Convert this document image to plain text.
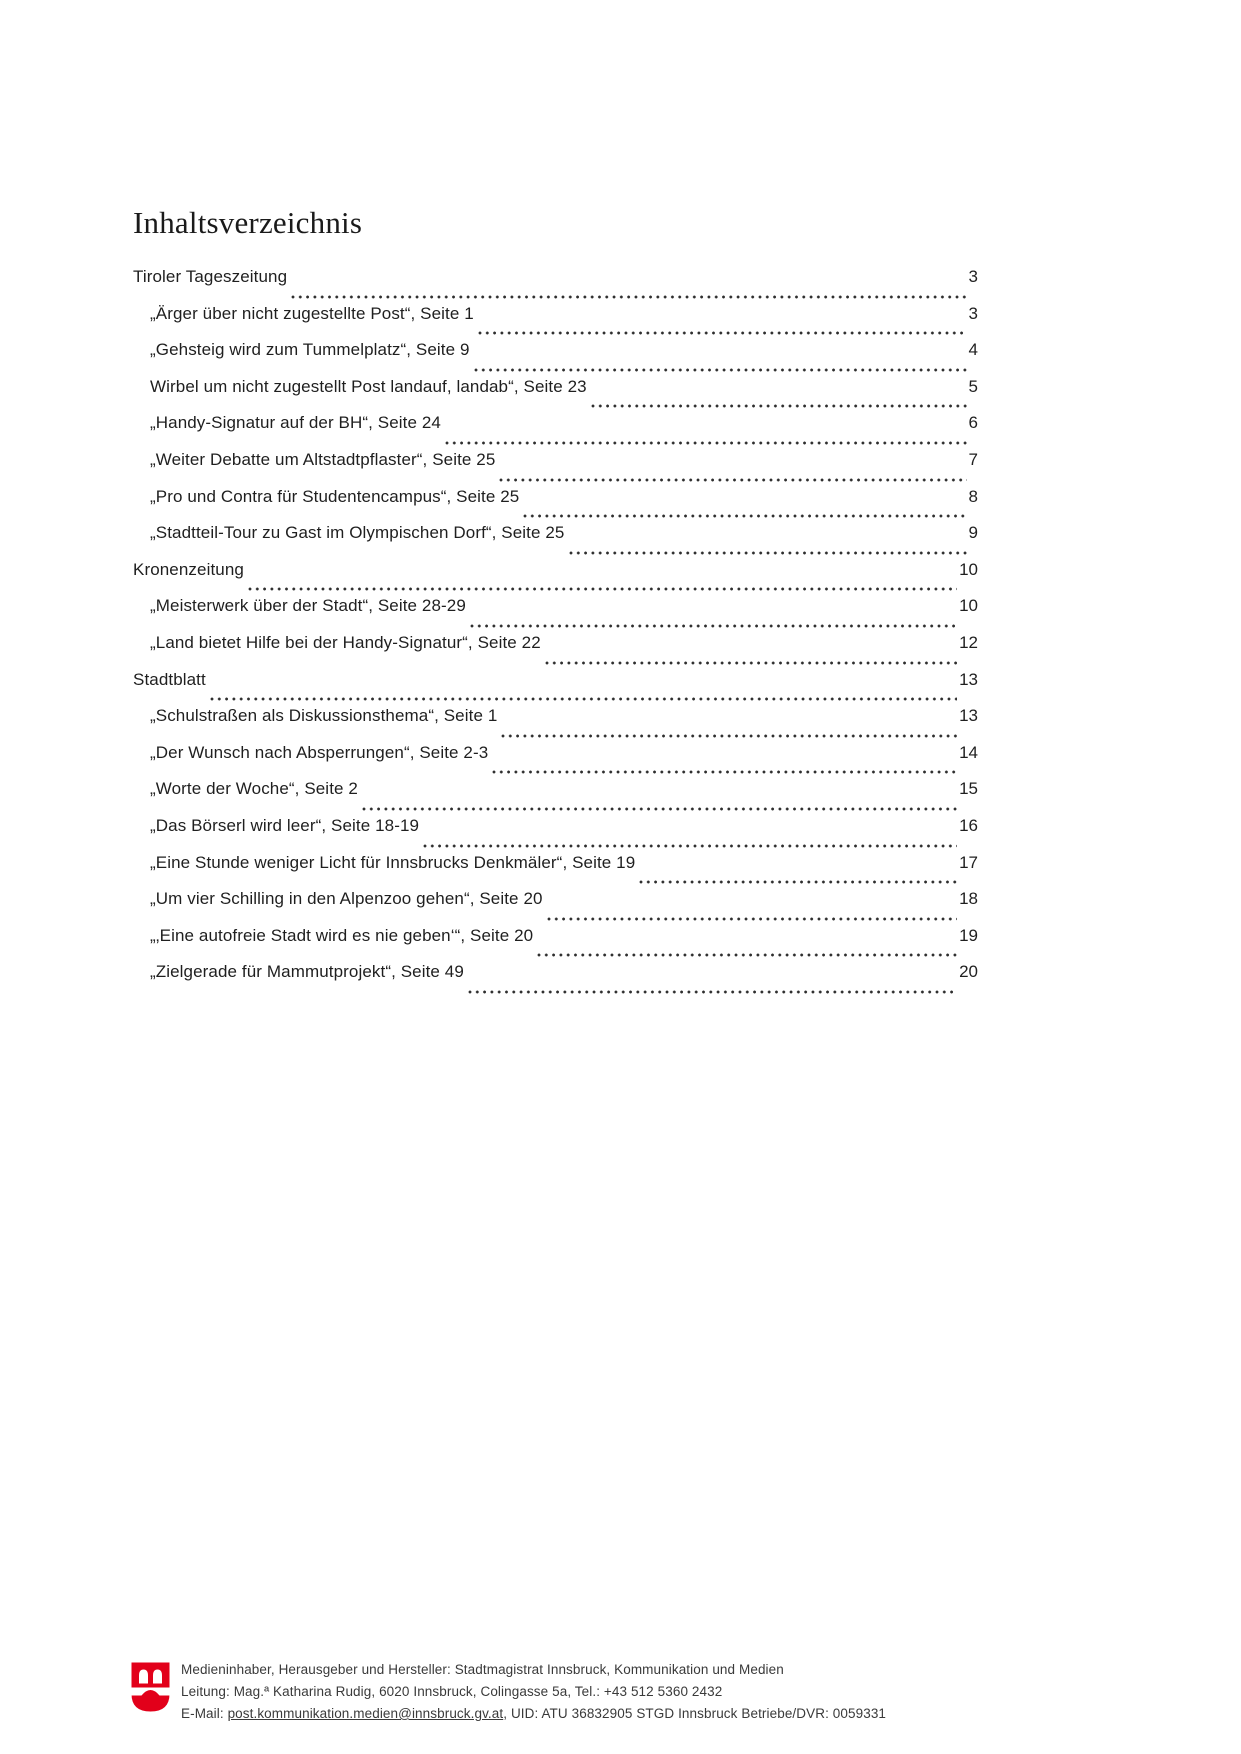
Inhaltsverzeichnis
Tiroler Tageszeitung	3
„Ärger über nicht zugestellte Post“, Seite 1	3
„Gehsteig wird zum Tummelplatz“, Seite 9	4
Wirbel um nicht zugestellt Post landauf, landab“, Seite 23	5
„Handy-Signatur auf der BH“, Seite 24	6
„Weiter Debatte um Altstadtpflaster“, Seite 25	7
„Pro und Contra für Studentencampus“, Seite 25	8
„Stadtteil-Tour zu Gast im Olympischen Dorf“, Seite 25	9
Kronenzeitung	10
„Meisterwerk über der Stadt“, Seite 28-29	10
„Land bietet Hilfe bei der Handy-Signatur“, Seite 22	12
Stadtblatt	13
„Schulstraßen als Diskussionsthema“, Seite 1	13
„Der Wunsch nach Absperrungen“, Seite 2-3	14
„Worte der Woche“, Seite 2	15
„Das Börserl wird leer“, Seite 18-19	16
„Eine Stunde weniger Licht für Innsbrucks Denkmäler“, Seite 19	17
„Um vier Schilling in den Alpenzoo gehen“, Seite 20	18
„‚Eine autofreie Stadt wird es nie geben‘“, Seite 20	19
„Zielgerade für Mammutprojekt“, Seite 49	20
Medieninhaber, Herausgeber und Hersteller: Stadtmagistrat Innsbruck, Kommunikation und Medien
Leitung: Mag.ª Katharina Rudig, 6020 Innsbruck, Colingasse 5a, Tel.: +43 512 5360 2432
E-Mail: post.kommunikation.medien@innsbruck.gv.at, UID: ATU 36832905 STGD Innsbruck Betriebe/DVR: 0059331
